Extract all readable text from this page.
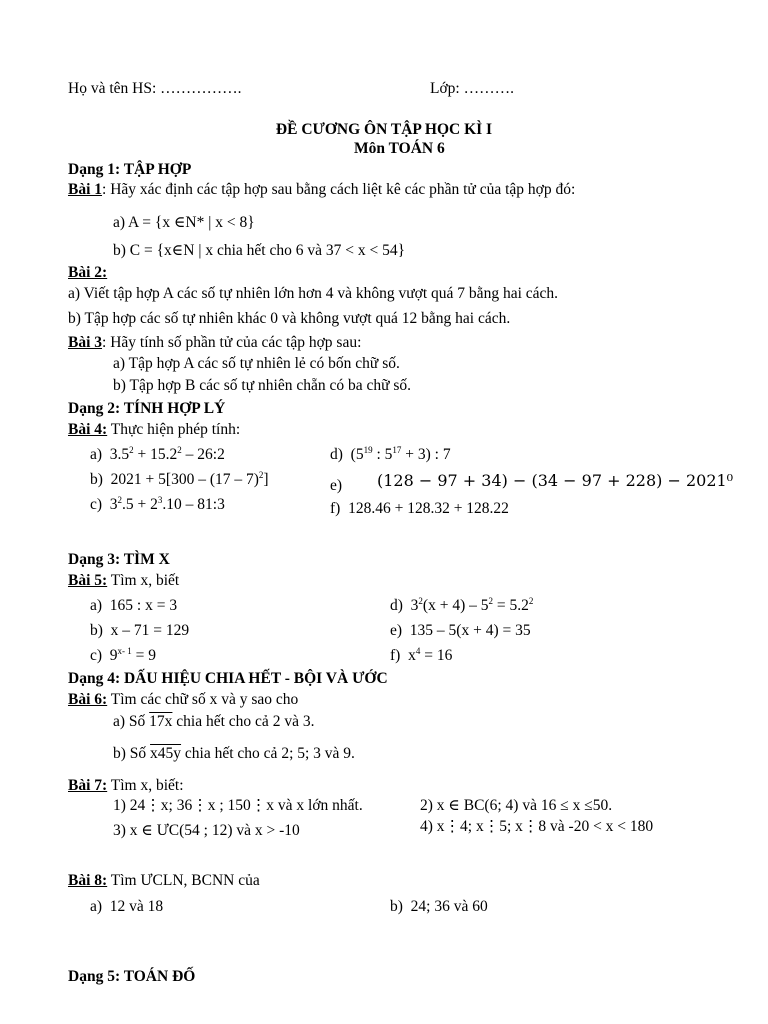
Họ và tên HS: …………….	Lớp: ……….
ĐỀ CƯƠNG ÔN TẬP HỌC KÌ I
Môn TOÁN 6
Dạng 1: TẬP HỢP
Bài 1: Hãy xác định các tập hợp sau bằng cách liệt kê các phần tử của tập hợp đó:
a) A = {x ∈N* | x < 8}
b) C = {x∈N | x chia hết cho 6 và 37 < x < 54}
Bài 2:
a) Viết tập hợp A các số tự nhiên lớn hơn 4 và không vượt quá 7 bằng hai cách.
b) Tập hợp các số tự nhiên khác 0 và không vượt quá 12 bằng hai cách.
Bài 3: Hãy tính số phần tử của các tập hợp sau:
a) Tập hợp A các số tự nhiên lẻ có bốn chữ số.
b) Tập hợp B các số tự nhiên chẵn có ba chữ số.
Dạng 2: TÍNH HỢP LÝ
Bài 4: Thực hiện phép tính:
a) $3.5^2 + 15.2^2$ – 26:2
b) 2021 + 5[300 – (17 – 7)$^2$]
c) $3^2.5 + 2^3.10$ – 81:3
d) ($5^{19}$ : $5^{17} + 3$) : 7
e) (128 − 97 + 34) − (34 − 97 + 228) − 2021⁰
f) 128.46 + 128.32 + 128.22
Dạng 3: TÌM X
Bài 5: Tìm x, biết
a) 165 : x = 3
b) x – 71 = 129
c) $9^{x- 1} = 9$
d) $3^2(x + 4) - 5^2 = 5.2^2$
e) 135 – 5(x + 4) = 35
f) $x^4 = 16$
Dạng 4: DẤU HIỆU CHIA HẾT - BỘI VÀ ƯỚC
Bài 6: Tìm các chữ số x và y sao cho
a) Số 17x chia hết cho cả 2 và 3.
b) Số x45y chia hết cho cả 2; 5; 3 và 9.
Bài 7: Tìm x, biết:
1) 24⋮x; 36⋮x ; 150⋮x và x lớn nhất.	2) x ∈ BC(6; 4) và 16 ≤ x ≤50.
3) x ∈ ƯC(54 ; 12) và x > -10	4) x⋮4; x⋮5; x⋮8 và -20 < x < 180
Bài 8: Tìm ƯCLN, BCNN của
a) 12 và 18	b) 24; 36 và 60
Dạng 5: TOÁN ĐỐ
